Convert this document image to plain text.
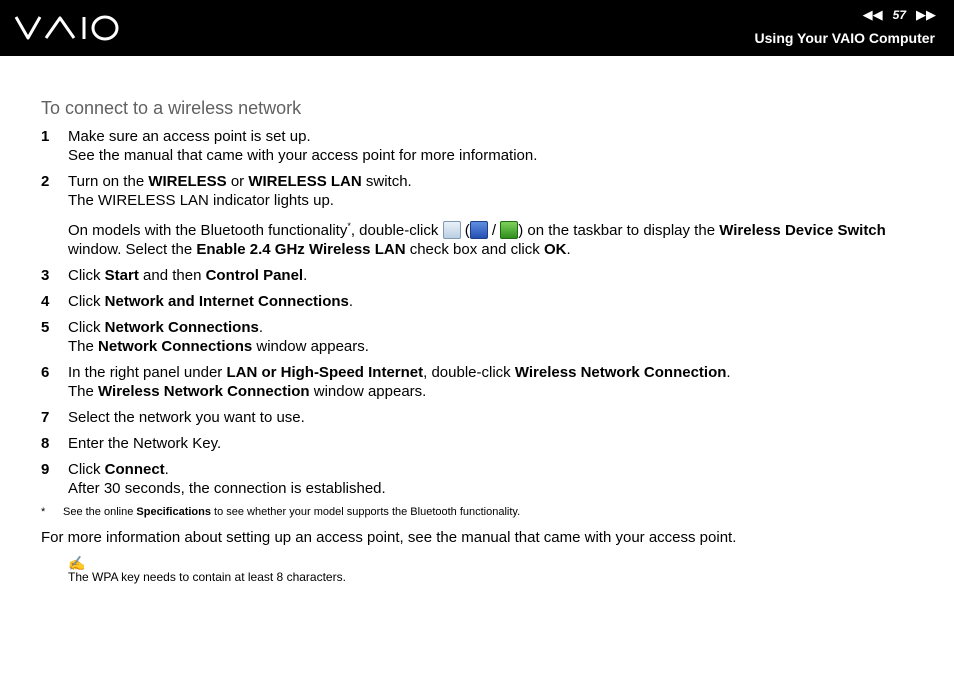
◀◀ 57 ▶▶
Using Your VAIO Computer
To connect to a wireless network
1 Make sure an access point is set up.
See the manual that came with your access point for more information.
2 Turn on the WIRELESS or WIRELESS LAN switch.
The WIRELESS LAN indicator lights up.
On models with the Bluetooth functionality*, double-click  ( / ) on the taskbar to display the Wireless Device Switch window. Select the Enable 2.4 GHz Wireless LAN check box and click OK.
3 Click Start and then Control Panel.
4 Click Network and Internet Connections.
5 Click Network Connections.
The Network Connections window appears.
6 In the right panel under LAN or High-Speed Internet, double-click Wireless Network Connection.
The Wireless Network Connection window appears.
7 Select the network you want to use.
8 Enter the Network Key.
9 Click Connect.
After 30 seconds, the connection is established.
* See the online Specifications to see whether your model supports the Bluetooth functionality.
For more information about setting up an access point, see the manual that came with your access point.
✍
The WPA key needs to contain at least 8 characters.
